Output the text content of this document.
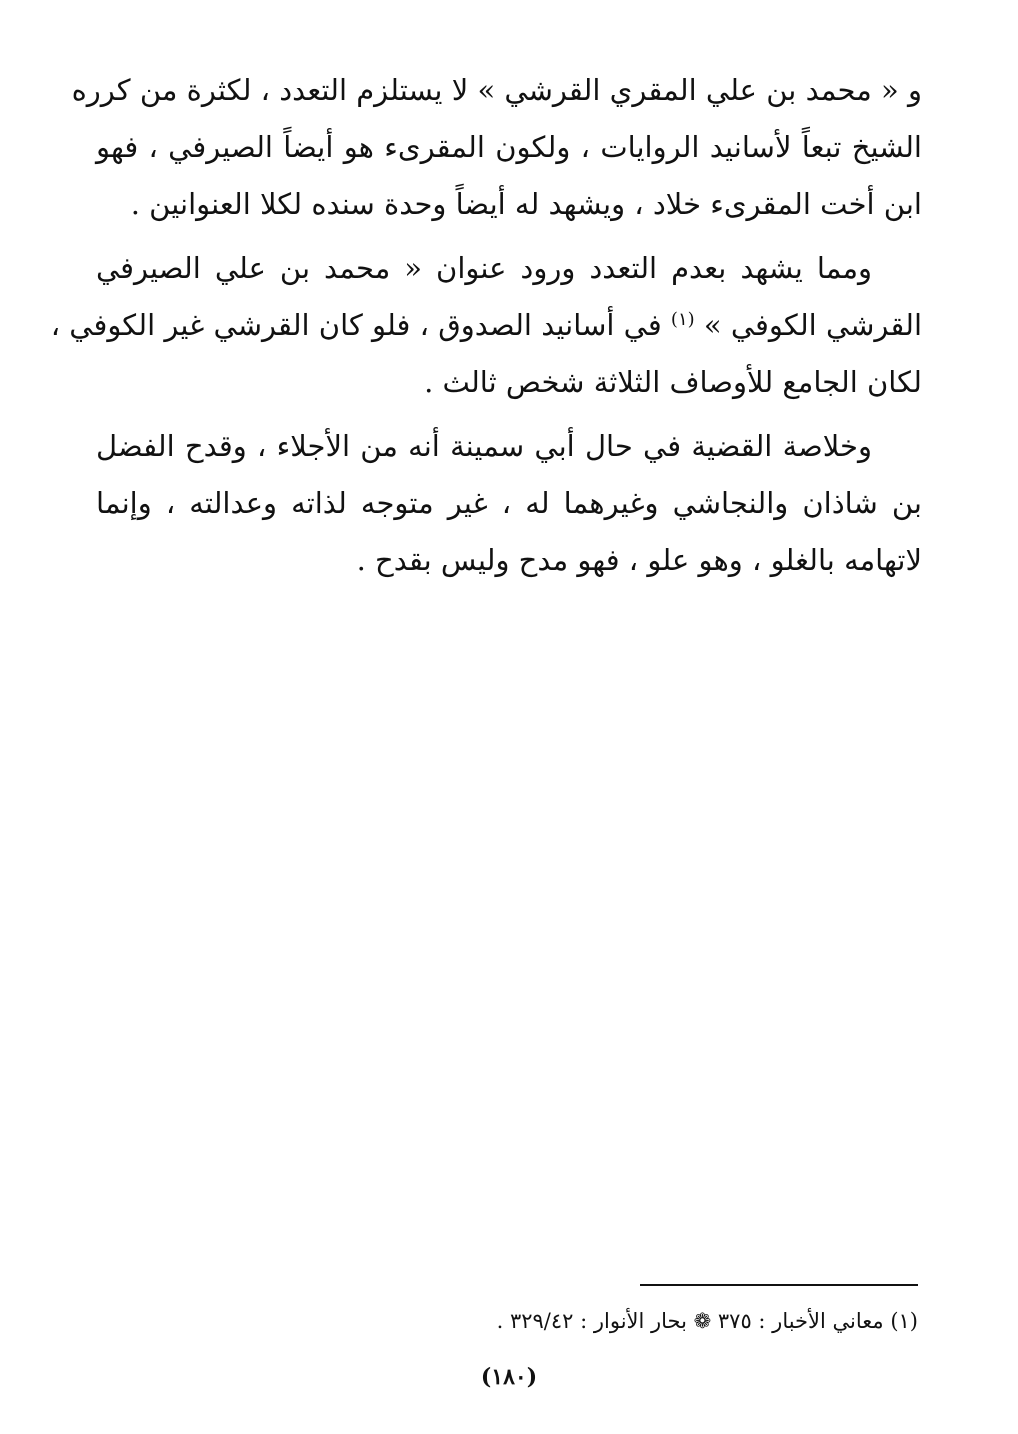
و « محمد بن علي المقري القرشي » لا يستلزم التعدد ، لكثرة من كرره
الشيخ تبعاً لأسانيد الروايات ، ولكون المقرىء هو أيضاً الصيرفي ، فهو
ابن أخت المقرىء خلاد ، ويشهد له أيضاً وحدة سنده لكلا العنوانين .

ومما يشهد بعدم التعدد ورود عنوان « محمد بن علي الصيرفي
القرشي الكوفي » $^{(١)}$ في أسانيد الصدوق ، فلو كان القرشي غير الكوفي ،
لكان الجامع للأوصاف الثلاثة شخص ثالث .

وخلاصة القضية في حال أبي سمينة أنه من الأجلاء ، وقدح الفضل
بن شاذان والنجاشي وغيرهما له ، غير متوجه لذاته وعدالته ، وإنما
لاتهامه بالغلو ، وهو علو ، فهو مدح وليس بقدح .

(١) معاني الأخبار : ٣٧٥ ❁ بحار الأنوار : ٣٢٩/٤٢ .
(١٨٠)
